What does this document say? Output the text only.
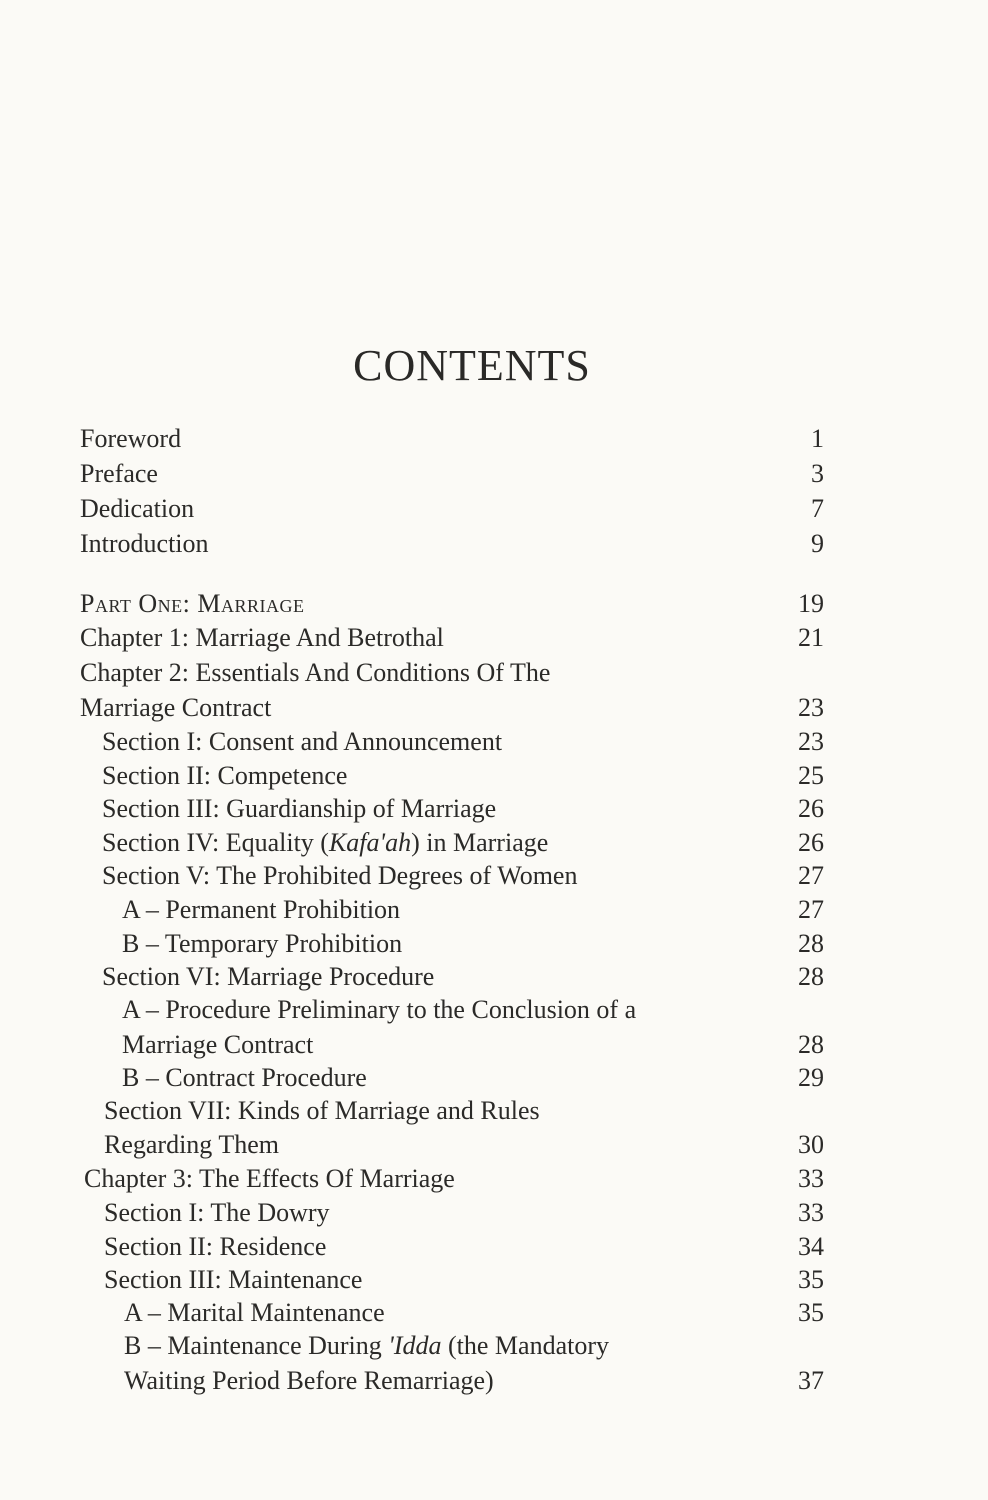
CONTENTS
Foreword	1
Preface	3
Dedication	7
Introduction	9
Part One: Marriage	19
Chapter 1: Marriage And Betrothal	21
Chapter 2: Essentials And Conditions Of The
Marriage Contract	23
Section I: Consent and Announcement	23
Section II: Competence	25
Section III: Guardianship of Marriage	26
Section IV: Equality (Kafa'ah) in Marriage	26
Section V: The Prohibited Degrees of Women	27
A – Permanent Prohibition	27
B – Temporary Prohibition	28
Section VI: Marriage Procedure	28
A – Procedure Preliminary to the Conclusion of a
Marriage Contract	28
B – Contract Procedure	29
Section VII: Kinds of Marriage and Rules
Regarding Them	30
Chapter 3: The Effects Of Marriage	33
Section I: The Dowry	33
Section II: Residence	34
Section III: Maintenance	35
A – Marital Maintenance	35
B – Maintenance During 'Idda (the Mandatory
Waiting Period Before Remarriage)	37
